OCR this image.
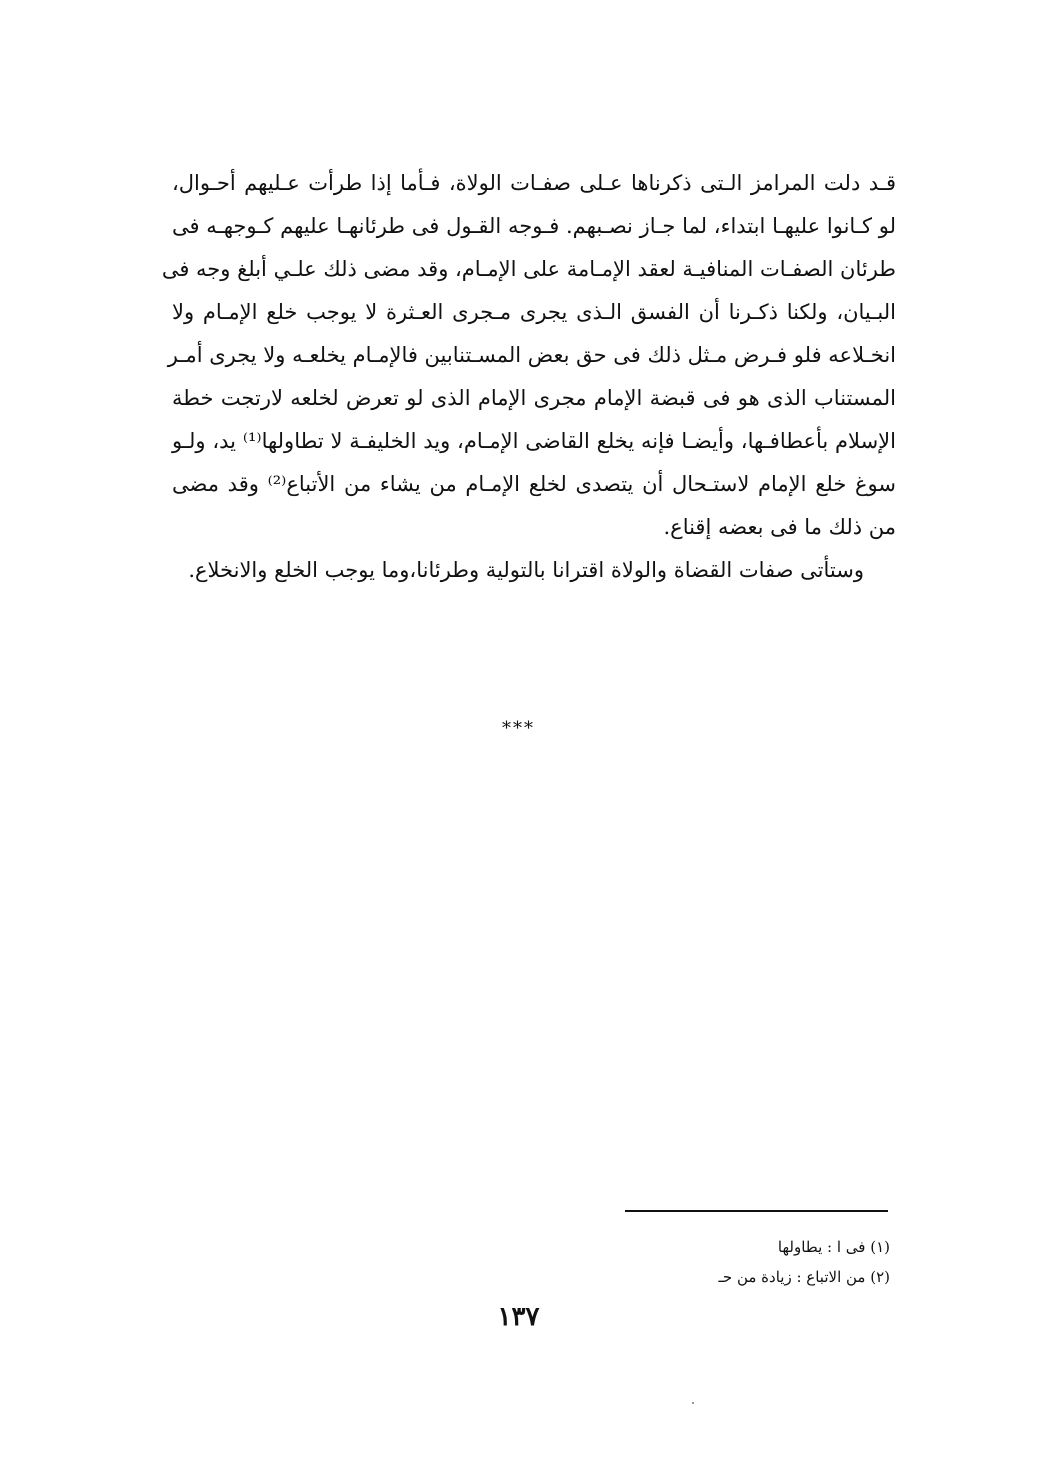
قـد دلت المرامز الـتى ذكرناها عـلى صفـات الولاة، فـأما إذا طرأت عـليهم أحـوال،
لو كـانوا عليهـا ابتداء، لما جـاز نصـبهم. فـوجه القـول فى طرئانهـا عليهم كـوجهـه فى
طرئان الصفـات المنافيـة لعقد الإمـامة على الإمـام، وقد مضى ذلك علـي أبلغ وجه فى
البـيان، ولكنا ذكـرنا أن الفسق الـذى يجرى مـجرى العـثرة لا يوجب خلع الإمـام ولا
انخـلاعه فلو فـرض مـثل ذلك فى حق بعض المسـتنابين فالإمـام يخلعـه ولا يجرى أمـر
المستناب الذى هو فى قبضة الإمام مجرى الإمام الذى لو تعرض لخلعه لارتجت خطة
الإسلام بأعطافـها، وأيضـا فإنه يخلع القاضى الإمـام، ويد الخليفـة لا تطاولها⁽¹⁾ يد، ولـو
سوغ خلع الإمام لاستـحال أن يتصدى لخلع الإمـام من يشاء من الأتباع⁽²⁾ وقد مضى
من ذلك ما فى بعضه إقناع.
وستأتى صفات القضاة والولاة اقترانا بالتولية وطرئانا،وما يوجب الخلع والانخلاع.
***
(١) فى ا : يطاولها
(٢) من الاتباع : زيادة من حـ
١٣٧
